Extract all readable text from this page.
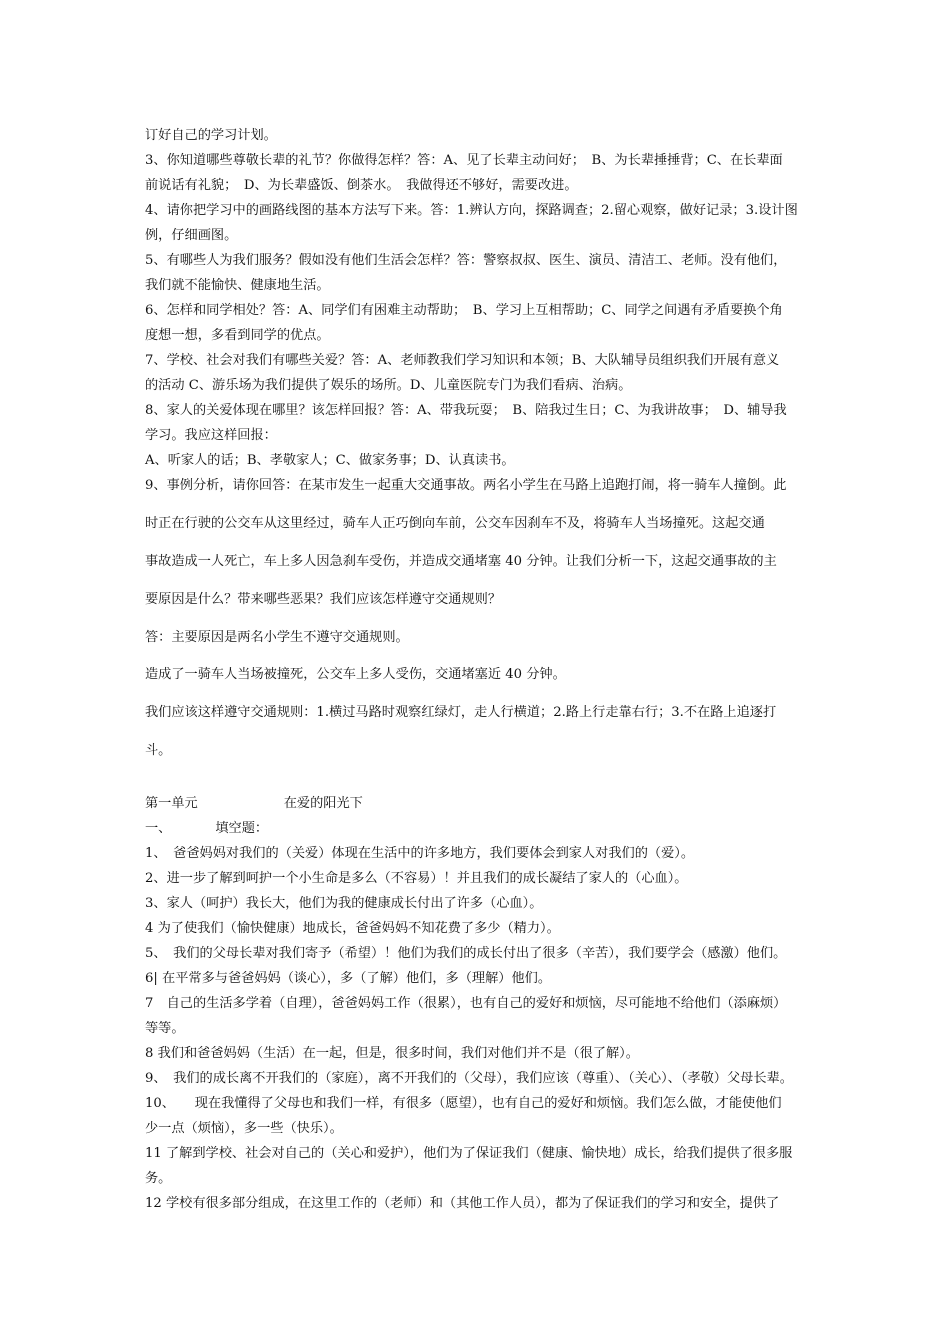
订好自己的学习计划。
3、你知道哪些尊敬长辈的礼节？你做得怎样？答：A、见了长辈主动问好；　B、为长辈捶捶背；C、在长辈面
前说话有礼貌；　D、为长辈盛饭、倒茶水。　我做得还不够好，需要改进。
4、请你把学习中的画路线图的基本方法写下来。答：1.辨认方向，探路调查；2.留心观察，做好记录；3.设计图
例，仔细画图。
5、有哪些人为我们服务？假如没有他们生活会怎样？答：警察叔叔、医生、演员、清洁工、老师。没有他们，
我们就不能愉快、健康地生活。
6、怎样和同学相处？答：A、同学们有困难主动帮助；　B、学习上互相帮助；C、同学之间遇有矛盾要换个角
度想一想，多看到同学的优点。
7、学校、社会对我们有哪些关爱？答：A、老师教我们学习知识和本领；B、大队辅导员组织我们开展有意义
的活动 C、游乐场为我们提供了娱乐的场所。D、儿童医院专门为我们看病、治病。
8、家人的关爱体现在哪里？该怎样回报？答：A、带我玩耍；　B、陪我过生日；C、为我讲故事；　D、辅导我
学习。我应这样回报：
A、听家人的话；B、孝敬家人；C、做家务事；D、认真读书。
9、事例分析，请你回答：在某市发生一起重大交通事故。两名小学生在马路上追跑打闹，将一骑车人撞倒。此
时正在行驶的公交车从这里经过，骑车人正巧倒向车前，公交车因刹车不及，将骑车人当场撞死。这起交通
事故造成一人死亡，车上多人因急刹车受伤，并造成交通堵塞 40 分钟。让我们分析一下，这起交通事故的主
要原因是什么？带来哪些恶果？我们应该怎样遵守交通规则？
答：主要原因是两名小学生不遵守交通规则。
造成了一骑车人当场被撞死，公交车上多人受伤，交通堵塞近 40 分钟。
我们应该这样遵守交通规则：1.横过马路时观察红绿灯，走人行横道；2.路上行走靠右行；3.不在路上追逐打
斗。
第一单元	在爱的阳光下
一、	填空题：
1、　爸爸妈妈对我们的（关爱）体现在生活中的许多地方，我们要体会到家人对我们的（爱）。
2、进一步了解到呵护一个小生命是多么（不容易）！并且我们的成长凝结了家人的（心血）。
3、家人（呵护）我长大，他们为我的健康成长付出了许多（心血）。
4 为了使我们（愉快健康）地成长，爸爸妈妈不知花费了多少（精力）。
5、　我们的父母长辈对我们寄予（希望）！他们为我们的成长付出了很多（辛苦），我们要学会（感激）他们。
6| 在平常多与爸爸妈妈（谈心），多（了解）他们，多（理解）他们。
7　自己的生活多学着（自理），爸爸妈妈工作（很累），也有自己的爱好和烦恼，尽可能地不给他们（添麻烦）
等等。
8 我们和爸爸妈妈（生活）在一起，但是，很多时间，我们对他们并不是（很了解）。
9、　我们的成长离不开我们的（家庭），离不开我们的（父母），我们应该（尊重）、（关心）、（孝敬）父母长辈。
10、　　现在我懂得了父母也和我们一样，有很多（愿望），也有自己的爱好和烦恼。我们怎么做，才能使他们
少一点（烦恼），多一些（快乐）。
11 了解到学校、社会对自己的（关心和爱护），他们为了保证我们（健康、愉快地）成长，给我们提供了很多服
务。
12 学校有很多部分组成，在这里工作的（老师）和（其他工作人员），都为了保证我们的学习和安全，提供了
